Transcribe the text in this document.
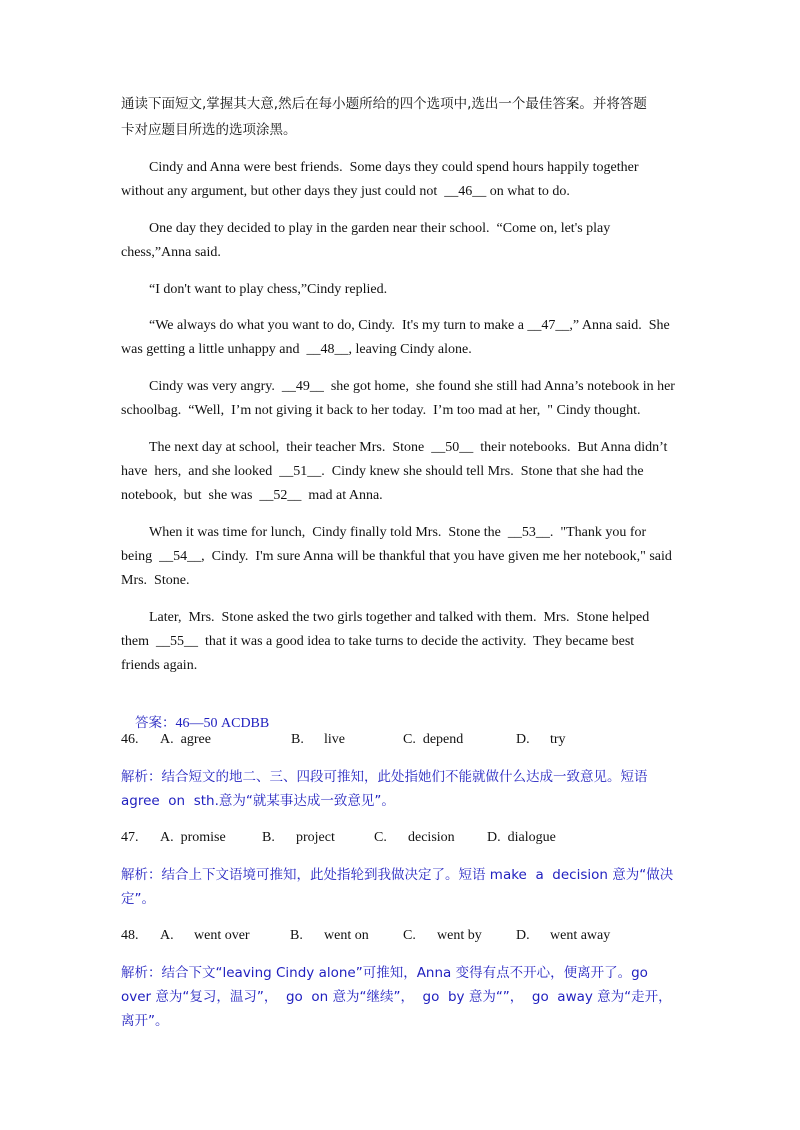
通读下面短文,掌握其大意,然后在每小题所给的四个选项中,选出一个最佳答案。并将答题
卡对应题目所选的选项涂黑。
Cindy and Anna were best friends.  Some days they could spend hours happily together
without any argument, but other days they just could not  __46__ on what to do.
One day they decided to play in the garden near their school.  “Come on, let's play
chess,”Anna said.
“I don't want to play chess,”Cindy replied.
“We always do what you want to do, Cindy.  It's my turn to make a __47__,” Anna said.  She
was getting a little unhappy and  __48__, leaving Cindy alone.
Cindy was very angry.  __49__  she got home,  she found she still had Anna’s notebook in her
schoolbag.  “Well,  I’m not giving it back to her today.  I’m too mad at her,  " Cindy thought.
The next day at school,  their teacher Mrs.  Stone  __50__  their notebooks.  But Anna didn’t
have  hers,  and she looked  __51__.  Cindy knew she should tell Mrs.  Stone that she had the
notebook,  but  she was  __52__  mad at Anna.
When it was time for lunch,  Cindy finally told Mrs.  Stone the  __53__.  "Thank you for
being  __54__,  Cindy.  I'm sure Anna will be thankful that you have given me her notebook," said
Mrs.  Stone.
Later,  Mrs.  Stone asked the two girls together and talked with them.  Mrs.  Stone helped
them  __55__  that it was a good idea to take turns to decide the activity.  They became best
friends again.

答案：46—50 ACDBB

46. A.  agree	B. live	C.  depend	D. try
解析：结合短文的地二、三、四段可推知，此处指她们不能就做什么达成一致意见。短语
agree  on  sth.意为“就某事达成一致意见”。
47. A.  promise	B. project	C. decision D.  dialogue
解析：结合上下文语境可推知，此处指轮到我做决定了。短语 make  a  decision 意为“做决
定”。
48. A. went over	B. went on C. went by D. went away
解析：结合下文“leaving Cindy alone”可推知，Anna 变得有点不开心，便离开了。go
over 意为“复习，温习”，  go  on 意为“继续”，  go  by 意为“”，  go  away 意为“走开，
离开”。
